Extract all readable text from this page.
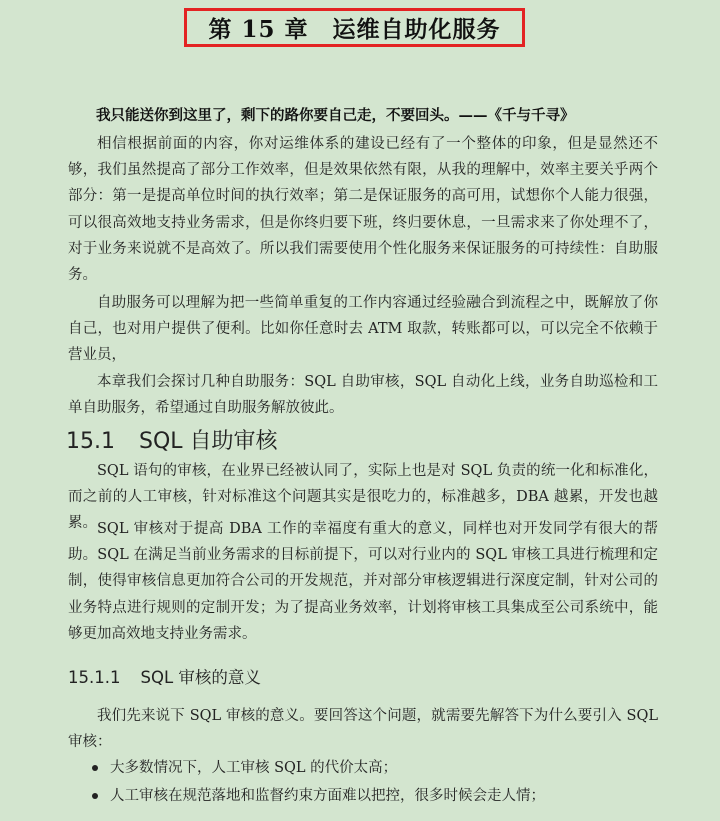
第 15 章　运维自助化服务
我只能送你到这里了，剩下的路你要自己走，不要回头。——《千与千寻》

相信根据前面的内容，你对运维体系的建设已经有了一个整体的印象，但是显然还不够，我们虽然提高了部分工作效率，但是效果依然有限，从我的理解中，效率主要关乎两个部分：第一是提高单位时间的执行效率；第二是保证服务的高可用，试想你个人能力很强，可以很高效地支持业务需求，但是你终归要下班，终归要休息，一旦需求来了你处理不了，对于业务来说就不是高效了。所以我们需要使用个性化服务来保证服务的可持续性：自助服务。

自助服务可以理解为把一些简单重复的工作内容通过经验融合到流程之中，既解放了你自己，也对用户提供了便利。比如你任意时去 ATM 取款，转账都可以，可以完全不依赖于营业员，

本章我们会探讨几种自助服务：SQL 自助审核，SQL 自动化上线，业务自助巡检和工单自助服务，希望通过自助服务解放彼此。

15.1 SQL 自助审核

SQL 语句的审核，在业界已经被认同了，实际上也是对 SQL 负责的统一化和标准化，而之前的人工审核，针对标准这个问题其实是很吃力的，标准越多，DBA 越累，开发也越累。 SQL 审核对于提高 DBA 工作的幸福度有重大的意义，同样也对开发同学有很大的帮助。SQL 在满足当前业务需求的目标前提下，可以对行业内的 SQL 审核工具进行梳理和定制，使得审核信息更加符合公司的开发规范，并对部分审核逻辑进行深度定制，针对公司的业务特点进行规则的定制开发；为了提高业务效率，计划将审核工具集成至公司系统中，能够更加高效地支持业务需求。

15.1.1 SQL 审核的意义

我们先来说下 SQL 审核的意义。要回答这个问题，就需要先解答下为什么要引入 SQL 审核：

大多数情况下，人工审核 SQL 的代价太高；
人工审核在规范落地和监督约束方面难以把控，很多时候会走人情；
